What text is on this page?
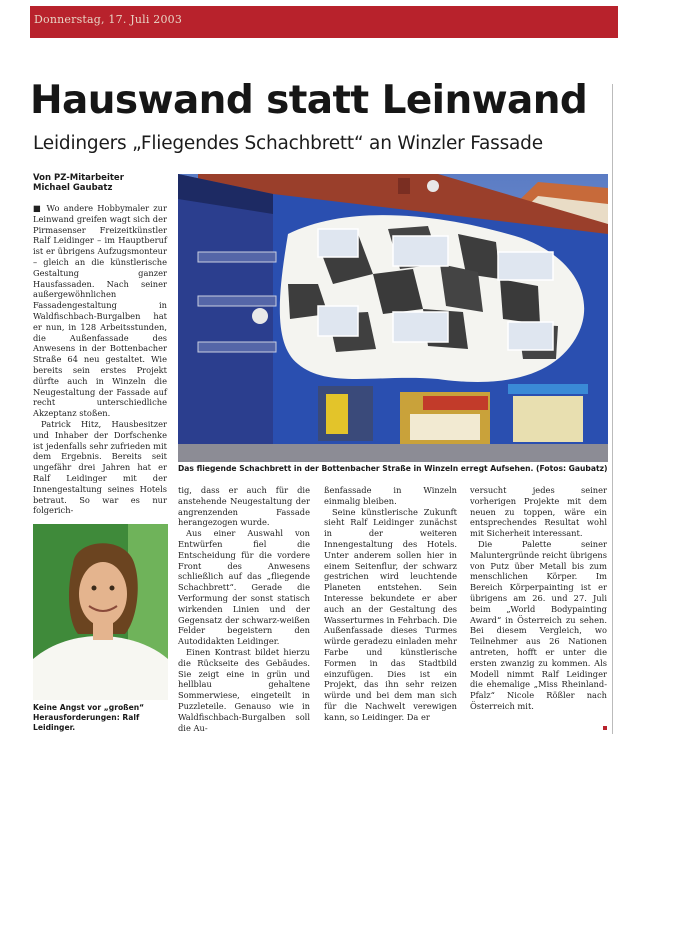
Donnerstag, 17. Juli 2003
Hauswand statt Leinwand
Leidingers „Fliegendes Schachbrett“ an Winzler Fassade
Von PZ-Mitarbeiter
Michael Gaubatz

■ Wo andere Hobbymaler zur Leinwand greifen wagt sich der Pirmasenser Freizeitkünstler Ralf Leidinger – im Hauptberuf ist er übrigens Aufzugsmonteur – gleich an die künstlerische Gestaltung ganzer Hausfassaden. Nach seiner außergewöhnlichen Fassadengestaltung in Waldfischbach-Burgalben hat er nun, in 128 Arbeitsstunden, die Außenfassade des Anwesens in der Bottenbacher Straße 64 neu gestaltet. Wie bereits sein erstes Projekt dürfte auch in Winzeln die Neugestaltung der Fassade auf recht unterschiedliche Akzeptanz stoßen.

Patrick Hitz, Hausbesitzer und Inhaber der Dorfschenke ist jedenfalls sehr zufrieden mit dem Ergebnis. Bereits seit ungefähr drei Jahren hat er Ralf Leidinger mit der Innengestaltung seines Hotels betraut. So war es nur folgerich-

Das fliegende Schachbrett in der Bottenbacher Straße in Winzeln erregt Aufsehen. (Fotos: Gaubatz)
Keine Angst vor „großen“ Herausforderungen: Ralf Leidinger.

tig, dass er auch für die anstehende Neugestaltung der angrenzenden Fassade herangezogen wurde.

Aus einer Auswahl von Entwürfen fiel die Entscheidung für die vordere Front des Anwesens schließlich auf das „fliegende Schachbrett“. Gerade die Verformung der sonst statisch wirkenden Linien und der Gegensatz der schwarz-weißen Felder begeistern den Autodidakten Leidinger.

Einen Kontrast bildet hierzu die Rückseite des Gebäudes. Sie zeigt eine in grün und hellblau gehaltene Sommerwiese, eingeteilt in Puzzleteile. Genauso wie in Waldfischbach-Burgalben soll die Au-

ßenfassade in Winzeln einmalig bleiben.

Seine künstlerische Zukunft sieht Ralf Leidinger zunächst in der weiteren Innengestaltung des Hotels. Unter anderem sollen hier in einem Seitenflur, der schwarz gestrichen wird leuchtende Planeten entstehen. Sein Interesse bekundete er aber auch an der Gestaltung des Wasserturmes in Fehrbach. Die Außenfassade dieses Turmes würde geradezu einladen mehr Farbe und künstlerische Formen in das Stadtbild einzufügen. Dies ist ein Projekt, das ihn sehr reizen würde und bei dem man sich für die Nachwelt verewigen kann, so Leidinger. Da er

versucht jedes seiner vorherigen Projekte mit dem neuen zu toppen, wäre ein entsprechendes Resultat wohl mit Sicherheit interessant.

Die Palette seiner Maluntergründe reicht übrigens von Putz über Metall bis zum menschlichen Körper. Im Bereich Körperpainting ist er übrigens am 26. und 27. Juli beim „World Bodypainting Award“ in Österreich zu sehen. Bei diesem Vergleich, wo Teilnehmer aus 26 Nationen antreten, hofft er unter die ersten zwanzig zu kommen. Als Modell nimmt Ralf Leidinger die ehemalige „Miss Rheinland-Pfalz“ Nicole Rößler nach Österreich mit.
